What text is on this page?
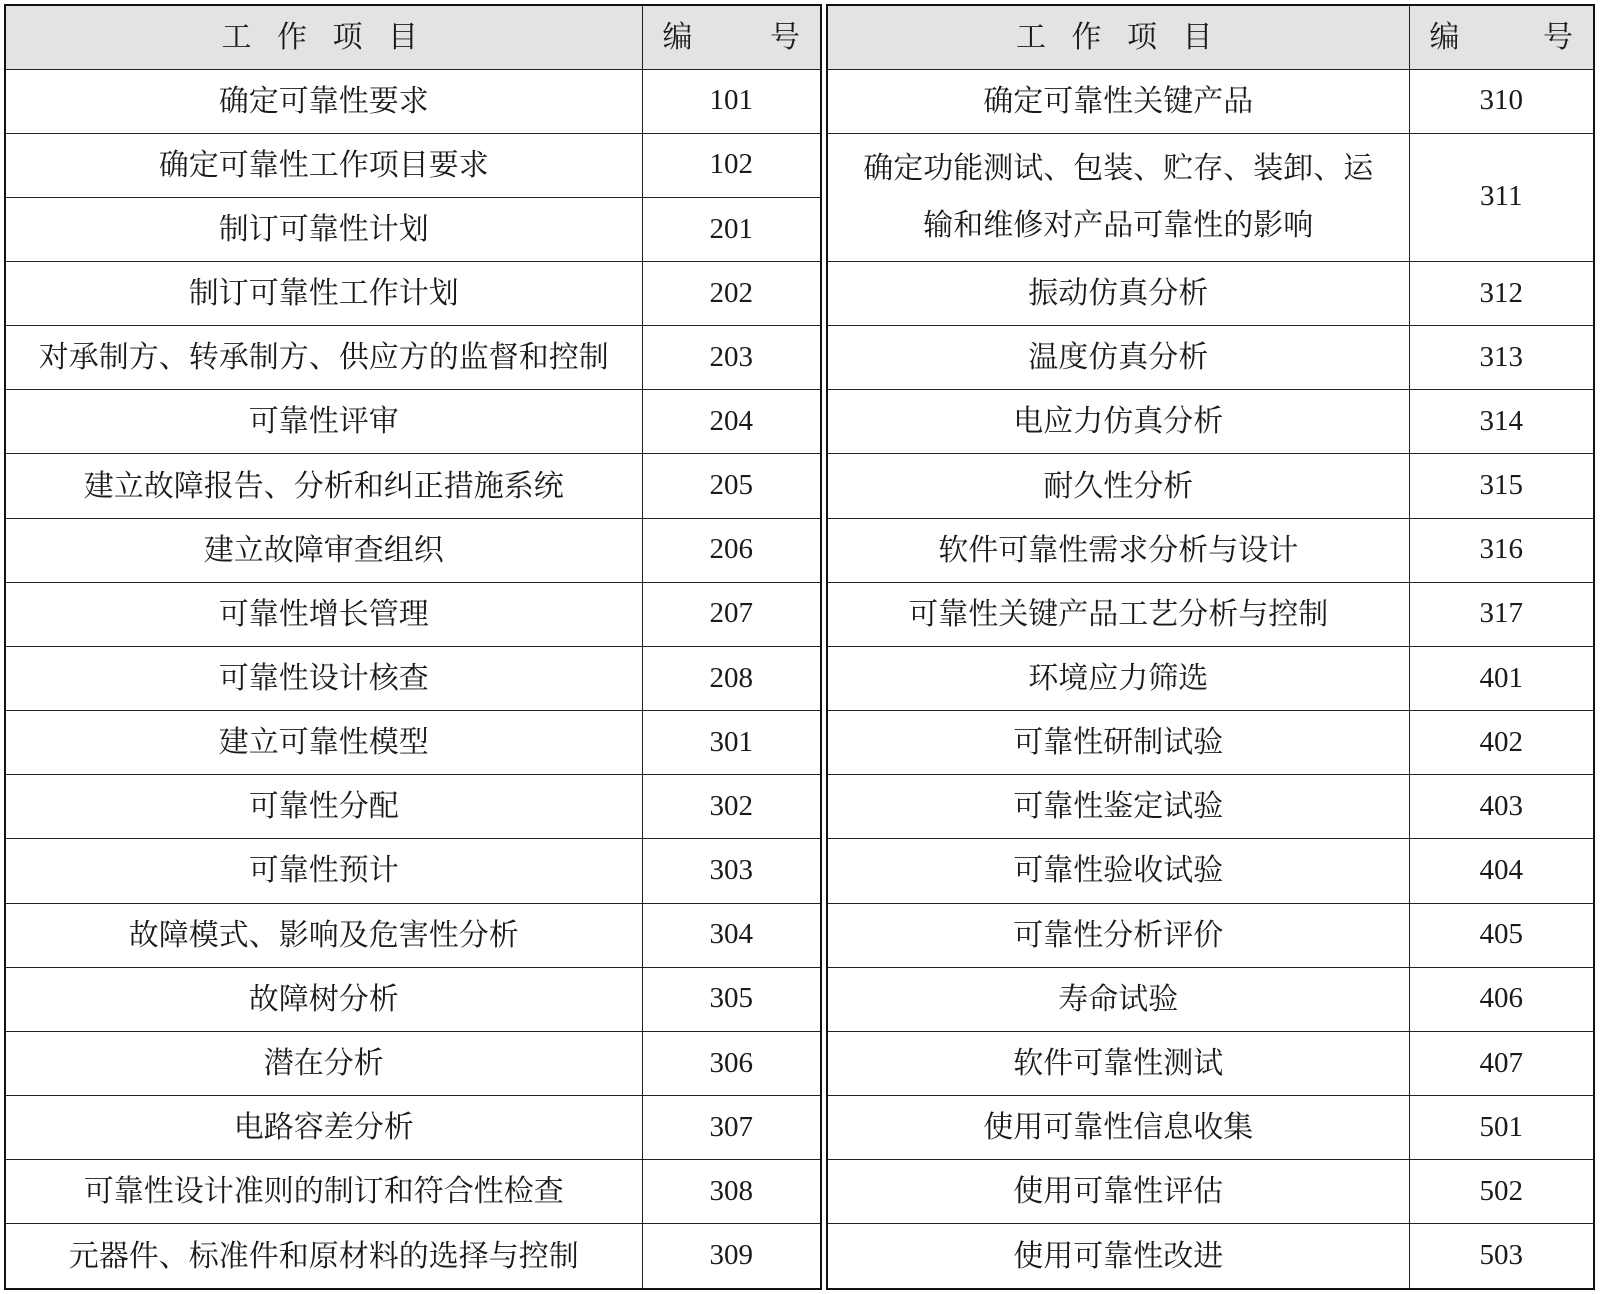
工 作 项 目	编 号

确定可靠性要求	101
确定可靠性工作项目要求	102
制订可靠性计划	201
制订可靠性工作计划	202
对承制方、转承制方、供应方的监督和控制	203
可靠性评审	204
建立故障报告、分析和纠正措施系统	205
建立故障审查组织	206
可靠性增长管理	207
可靠性设计核查	208
建立可靠性模型	301
可靠性分配	302
可靠性预计	303
故障模式、影响及危害性分析	304
故障树分析	305
潜在分析	306
电路容差分析	307
可靠性设计准则的制订和符合性检查	308
元器件、标准件和原材料的选择与控制	309
工 作 项 目	编 号

确定可靠性关键产品	310
确定功能测试、包装、贮存、装卸、运输和维修对产品可靠性的影响	311

振动仿真分析	312
温度仿真分析	313
电应力仿真分析	314
耐久性分析	315
软件可靠性需求分析与设计	316
可靠性关键产品工艺分析与控制	317
环境应力筛选	401
可靠性研制试验	402
可靠性鉴定试验	403
可靠性验收试验	404
可靠性分析评价	405
寿命试验	406
软件可靠性测试	407
使用可靠性信息收集	501
使用可靠性评估	502
使用可靠性改进	503
